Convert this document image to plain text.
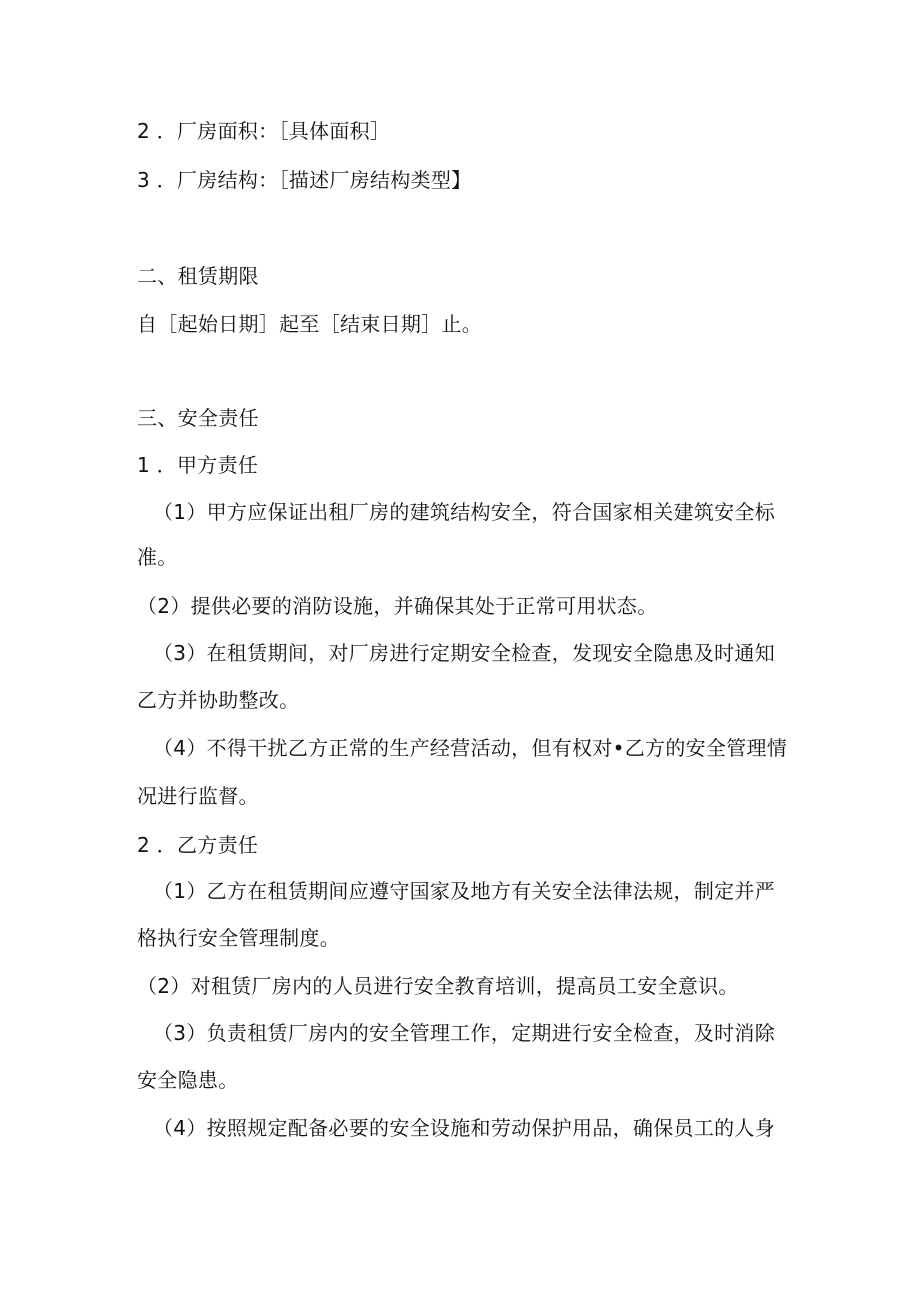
2 ．厂房面积：［具体面积］
3 ．厂房结构：［描述厂房结构类型】
二、租赁期限
自［起始日期］起至［结束日期］止。
三、安全责任
1 ．甲方责任
（1）甲方应保证出租厂房的建筑结构安全，符合国家相关建筑安全标
准。
（2）提供必要的消防设施，并确保其处于正常可用状态。
（3）在租赁期间，对厂房进行定期安全检查，发现安全隐患及时通知
乙方并协助整改。
（4）不得干扰乙方正常的生产经营活动，但有权对•乙方的安全管理情
况进行监督。
2 ．乙方责任
（1）乙方在租赁期间应遵守国家及地方有关安全法律法规，制定并严
格执行安全管理制度。
（2）对租赁厂房内的人员进行安全教育培训，提高员工安全意识。
（3）负责租赁厂房内的安全管理工作，定期进行安全检查，及时消除
安全隐患。
（4）按照规定配备必要的安全设施和劳动保护用品，确保员工的人身
